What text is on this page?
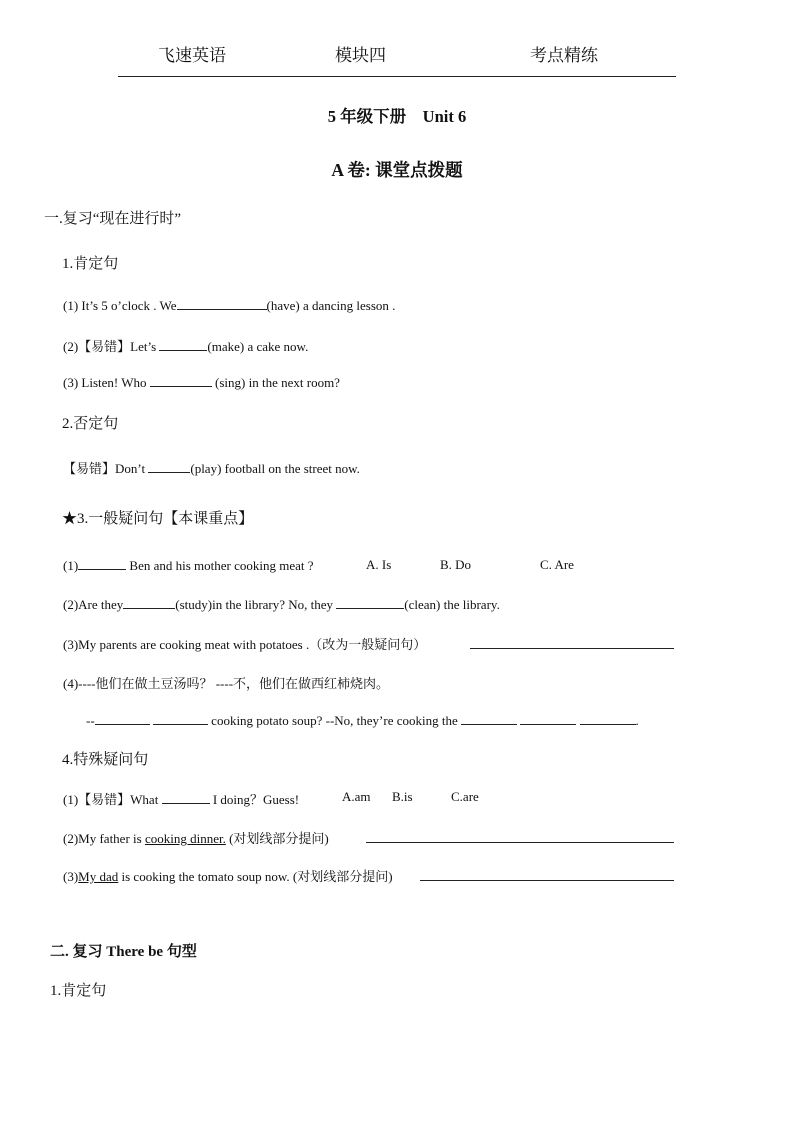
飞速英语	模块四	考点精练
5 年级下册    Unit 6
A 卷: 课堂点拨题
一.复习“现在进行时”
1.肯定句
(1) It’s 5 o’clock . We	(have) a dancing lesson .
(2)【易错】Let’s	(make) a cake now.
(3) Listen! Who	(sing) in the next room?
2.否定句
【易错】Don’t	(play) football on the street now.
★3.一般疑问句【本课重点】
(1)	Ben and his mother cooking meat ?	A. Is	B. Do	C. Are
(2)Are they	(study)in the library? No, they	(clean) the library.
(3)My parents are cooking meat with potatoes .（改为一般疑问句）
(4)----他们在做土豆汤吗？ ----不，他们在做西红柿烧肉。
--	cooking potato soup? --No, they’re cooking the	.
4.特殊疑问句
(1)【易错】What	I doing？Guess!	A.am B.is	C.are
(2)My father is cooking dinner. (对划线部分提问)
(3)My dad is cooking the tomato soup now. (对划线部分提问)
二. 复习 There be 句型
1.肯定句
